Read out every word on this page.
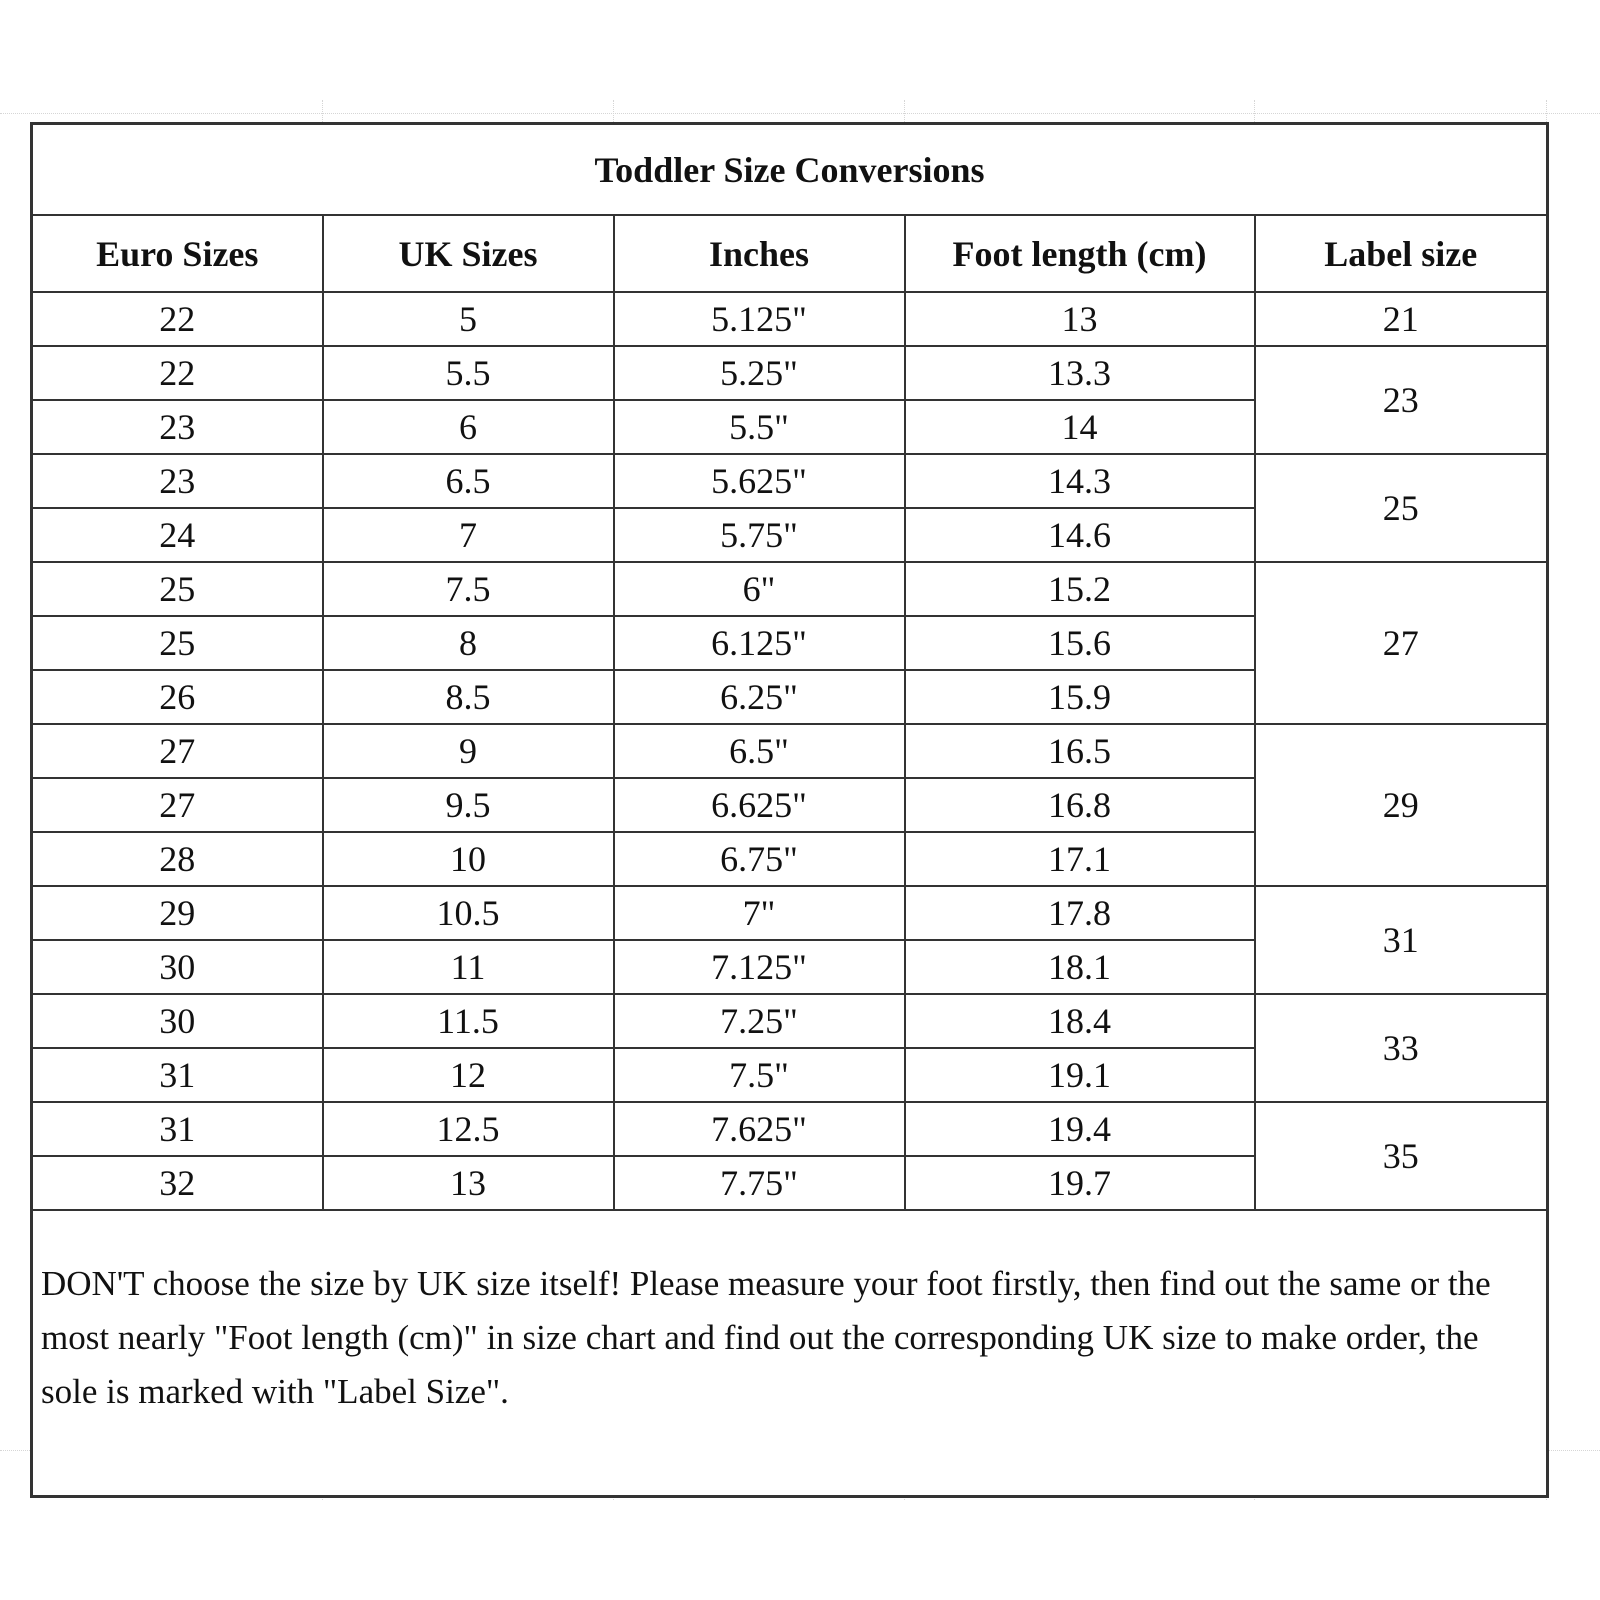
Toddler Size Conversions				
Euro Sizes	UK Sizes	Inches	Foot length (cm)	Label size
22	5	5.125"	13	21
22	5.5	5.25"	13.3	23
23	6	5.5"	14	
23	6.5	5.625"	14.3	25
24	7	5.75"	14.6	
25	7.5	6"	15.2	27
25	8	6.125"	15.6	
26	8.5	6.25"	15.9	
27	9	6.5"	16.5	29
27	9.5	6.625"	16.8	
28	10	6.75"	17.1	
29	10.5	7"	17.8	31
30	11	7.125"	18.1	
30	11.5	7.25"	18.4	33
31	12	7.5"	19.1	
31	12.5	7.625"	19.4	35
32	13	7.75"	19.7	
DON'T choose the size by UK size itself! Please measure your foot firstly, then find out the same or the most nearly "Foot length (cm)" in size chart and find out the corresponding UK size to make order, the sole is marked with "Label Size".				
